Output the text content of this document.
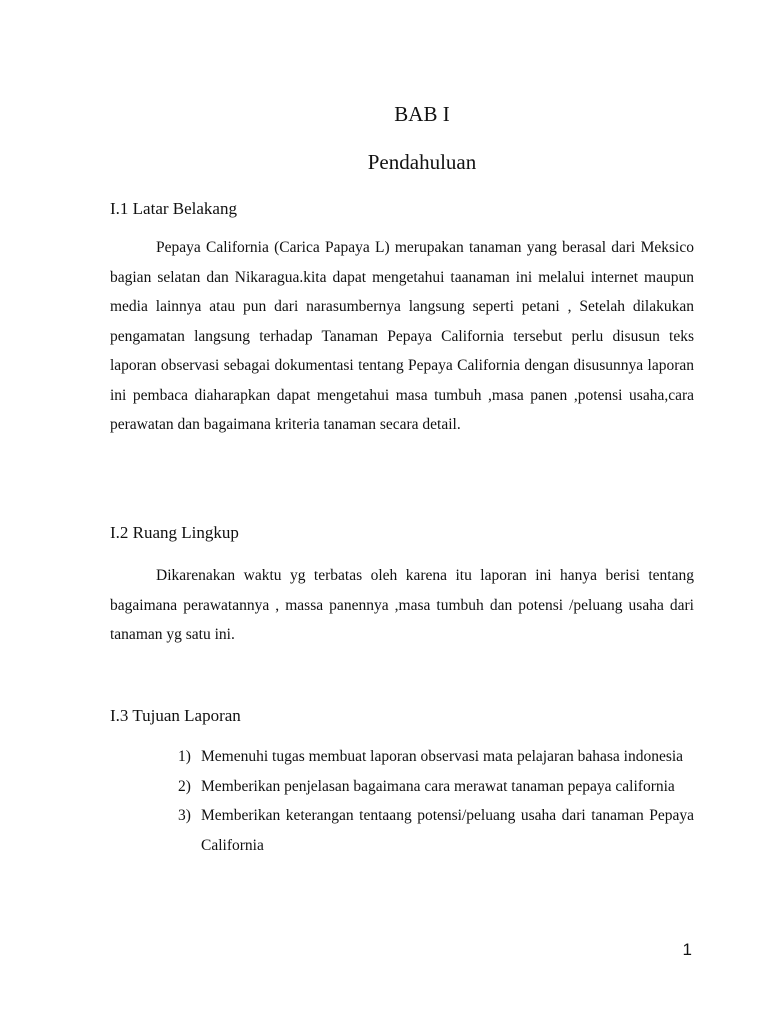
BAB I
Pendahuluan
I.1 Latar Belakang

Pepaya California (Carica Papaya L) merupakan tanaman yang berasal dari Meksico bagian selatan dan Nikaragua.kita dapat mengetahui taanaman ini melalui internet maupun media lainnya atau pun dari narasumbernya langsung seperti petani , Setelah dilakukan pengamatan langsung terhadap Tanaman Pepaya California tersebut perlu disusun teks laporan observasi sebagai dokumentasi tentang Pepaya California dengan disusunnya laporan ini pembaca diaharapkan dapat mengetahui masa tumbuh ,masa panen ,potensi usaha,cara perawatan dan bagaimana kriteria tanaman secara detail.

I.2 Ruang Lingkup

Dikarenakan waktu yg terbatas oleh karena itu laporan ini hanya berisi tentang bagaimana perawatannya , massa panennya ,masa tumbuh dan potensi /peluang usaha dari tanaman yg satu ini.

I.3 Tujuan Laporan
1) Memenuhi tugas membuat laporan observasi mata pelajaran bahasa indonesia
2) Memberikan penjelasan bagaimana cara merawat tanaman pepaya california
3) Memberikan keterangan tentaang potensi/peluang usaha dari tanaman Pepaya California
1
